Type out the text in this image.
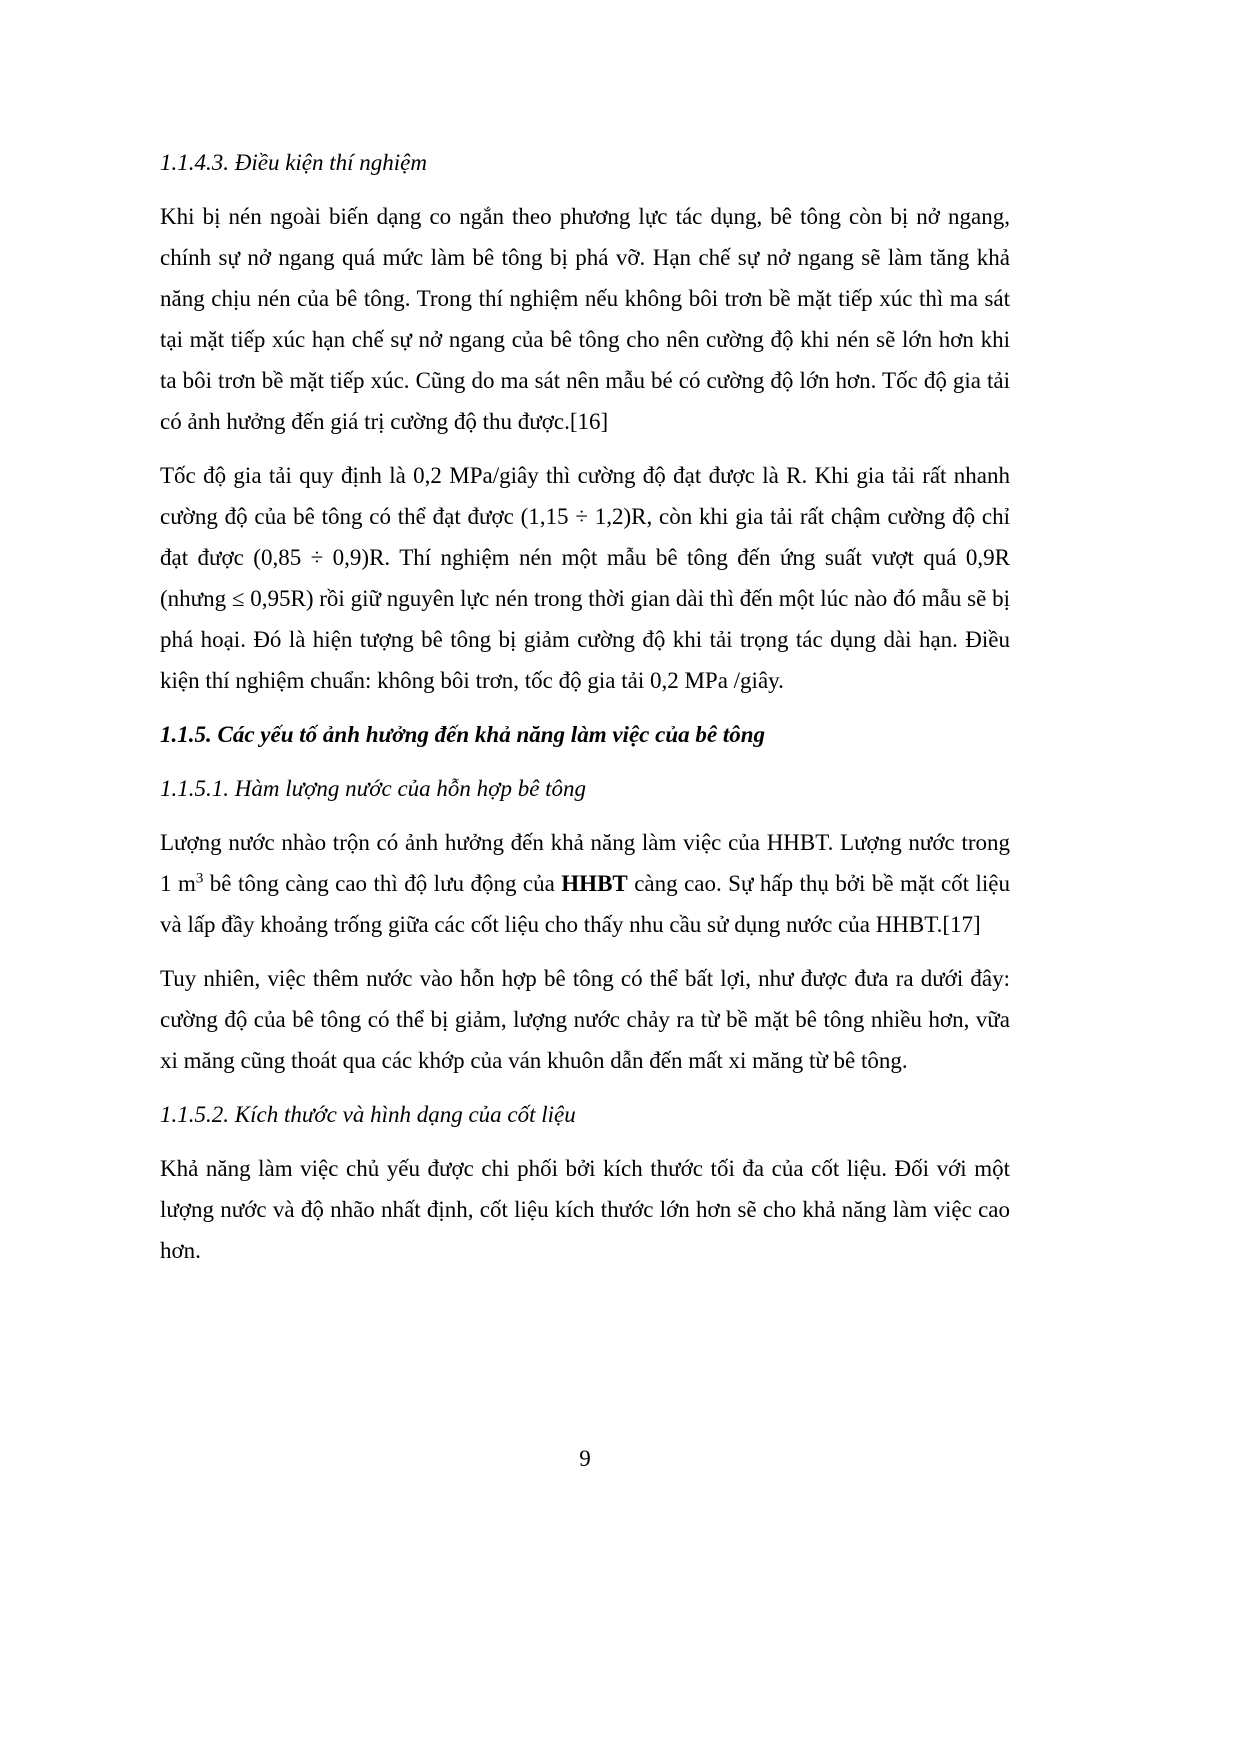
1.1.4.3. Điều kiện thí nghiệm

Khi bị nén ngoài biến dạng co ngắn theo phương lực tác dụng, bê tông còn bị nở ngang, chính sự nở ngang quá mức làm bê tông bị phá vỡ. Hạn chế sự nở ngang sẽ làm tăng khả năng chịu nén của bê tông. Trong thí nghiệm nếu không bôi trơn bề mặt tiếp xúc thì ma sát tại mặt tiếp xúc hạn chế sự nở ngang của bê tông cho nên cường độ khi nén sẽ lớn hơn khi ta bôi trơn bề mặt tiếp xúc. Cũng do ma sát nên mẫu bé có cường độ lớn hơn. Tốc độ gia tải có ảnh hưởng đến giá trị cường độ thu được.[16]

Tốc độ gia tải quy định là 0,2 MPa/giây thì cường độ đạt được là R. Khi gia tải rất nhanh cường độ của bê tông có thể đạt được (1,15 ÷ 1,2)R, còn khi gia tải rất chậm cường độ chỉ đạt được (0,85 ÷ 0,9)R. Thí nghiệm nén một mẫu bê tông đến ứng suất vượt quá 0,9R (nhưng ≤ 0,95R) rồi giữ nguyên lực nén trong thời gian dài thì đến một lúc nào đó mẫu sẽ bị phá hoại. Đó là hiện tượng bê tông bị giảm cường độ khi tải trọng tác dụng dài hạn. Điều kiện thí nghiệm chuẩn: không bôi trơn, tốc độ gia tải 0,2 MPa /giây.

1.1.5. Các yếu tố ảnh hưởng đến khả năng làm việc của bê tông
1.1.5.1. Hàm lượng nước của hỗn hợp bê tông

Lượng nước nhào trộn có ảnh hưởng đến khả năng làm việc của HHBT. Lượng nước trong 1 $m^3$ bê tông càng cao thì độ lưu động của HHBT càng cao. Sự hấp thụ bởi bề mặt cốt liệu và lấp đầy khoảng trống giữa các cốt liệu cho thấy nhu cầu sử dụng nước của HHBT.[17]

Tuy nhiên, việc thêm nước vào hỗn hợp bê tông có thể bất lợi, như được đưa ra dưới đây: cường độ của bê tông có thể bị giảm, lượng nước chảy ra từ bề mặt bê tông nhiều hơn, vữa xi măng cũng thoát qua các khớp của ván khuôn dẫn đến mất xi măng từ bê tông.

1.1.5.2. Kích thước và hình dạng của cốt liệu

Khả năng làm việc chủ yếu được chi phối bởi kích thước tối đa của cốt liệu. Đối với một lượng nước và độ nhão nhất định, cốt liệu kích thước lớn hơn sẽ cho khả năng làm việc cao hơn.

9
